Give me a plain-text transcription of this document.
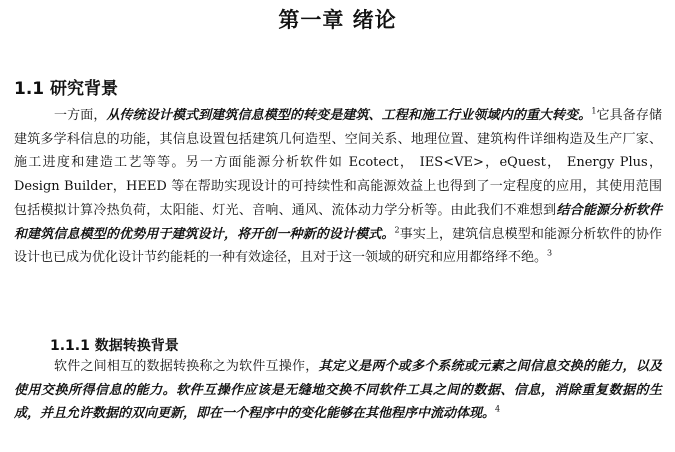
第一章 绪论
1.1 研究背景

一方面，从传统设计模式到建筑信息模型的转变是建筑、工程和施工行业领域内的重大转变。$^1$它具备存储建筑多学科信息的功能，其信息设置包括建筑几何造型、空间关系、地理位置、建筑构件详细构造及生产厂家、施工进度和建造工艺等等。另一方面能源分析软件如 Ecotect， IES<VE>，eQuest， Energy Plus， Design Builder，HEED 等在帮助实现设计的可持续性和高能源效益上也得到了一定程度的应用，其使用范围包括模拟计算冷热负荷，太阳能、灯光、音响、通风、流体动力学分析等。由此我们不难想到结合能源分析软件和建筑信息模型的优势用于建筑设计，将开创一种新的设计模式。$^2$事实上，建筑信息模型和能源分析软件的协作设计也已成为优化设计节约能耗的一种有效途径，且对于这一领域的研究和应用都络绎不绝。$^3$

1.1.1 数据转换背景

软件之间相互的数据转换称之为软件互操作，其定义是两个或多个系统或元素之间信息交换的能力，以及使用交换所得信息的能力。软件互操作应该是无缝地交换不同软件工具之间的数据、信息，消除重复数据的生成，并且允许数据的双向更新，即在一个程序中的变化能够在其他程序中流动体现。$^4$
